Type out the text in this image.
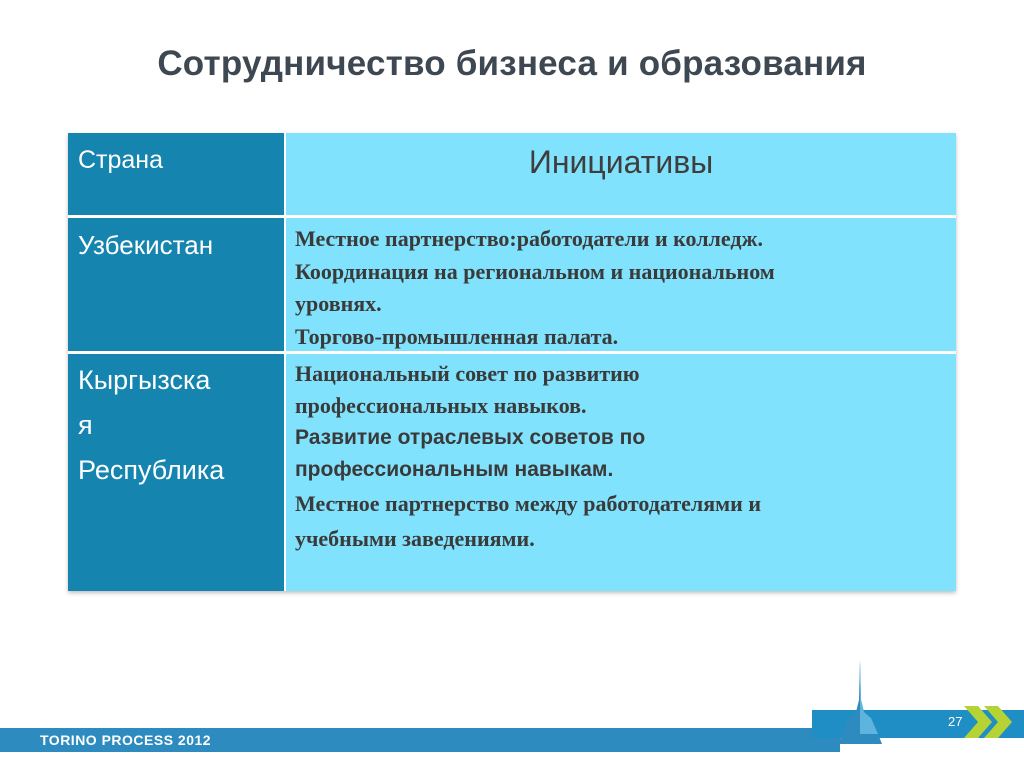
Сотрудничество бизнеса и образования
Страна	Инициативы
Узбекистан	Местное партнерство:работодатели и колледж.
Координация на региональном и национальном
уровнях.
Торгово-промышленная палата.
Кыргызска
я
Республика
Национальный совет по развитию
профессиональных навыков.
Развитие отраслевых советов по
профессиональным навыкам.
Местное партнерство между работодателями и
учебными заведениями.
TORINO PROCESS 2012
27
